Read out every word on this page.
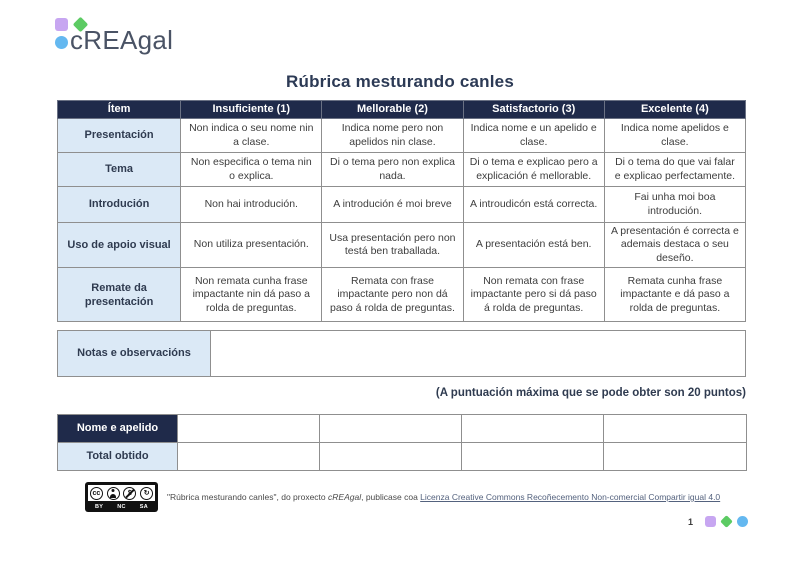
cREAgal
Rúbrica mesturando canles
Ítem	Insuficiente (1)	Mellorable (2)	Satisfactorio (3)	Excelente (4)
Presentación	Non indica o seu nome nin a clase.	Indica nome pero non apelidos nin clase.	Indica nome e un apelido e clase.	Indica nome apelidos e clase.
Tema	Non especifica o tema nin o explica.	Di o tema pero non explica nada.	Di o tema e explicao pero a explicación é mellorable.	Di o tema do que vai falar e explicao perfectamente.
Introdución	Non hai introdución.	A introdución é moi breve	A introudicón está correcta.	Fai unha moi boa introdución.
Uso de apoio visual	Non utiliza presentación.	Usa presentación pero non testá ben traballada.	A presentación está ben.	A presentación é correcta e ademais destaca o seu deseño.
Remate da presentación	Non remata cunha frase impactante nin dá paso a rolda de preguntas.	Remata con frase impactante pero non dá paso á rolda de preguntas.	Non remata con frase impactante pero si dá paso á rolda de preguntas.	Remata cunha frase impactante e dá paso a rolda de preguntas.
Notas e observacións	
(A puntuación máxima que se pode obter son 20 puntos)
Nome e apelido				
Total obtido				
cc	↻
BY	NC	SA
"Rúbrica mesturando canles", do proxecto cREAgal, publicase coa Licenza Creative Commons Recoñecemento Non-comercial Compartir igual 4.0
1
